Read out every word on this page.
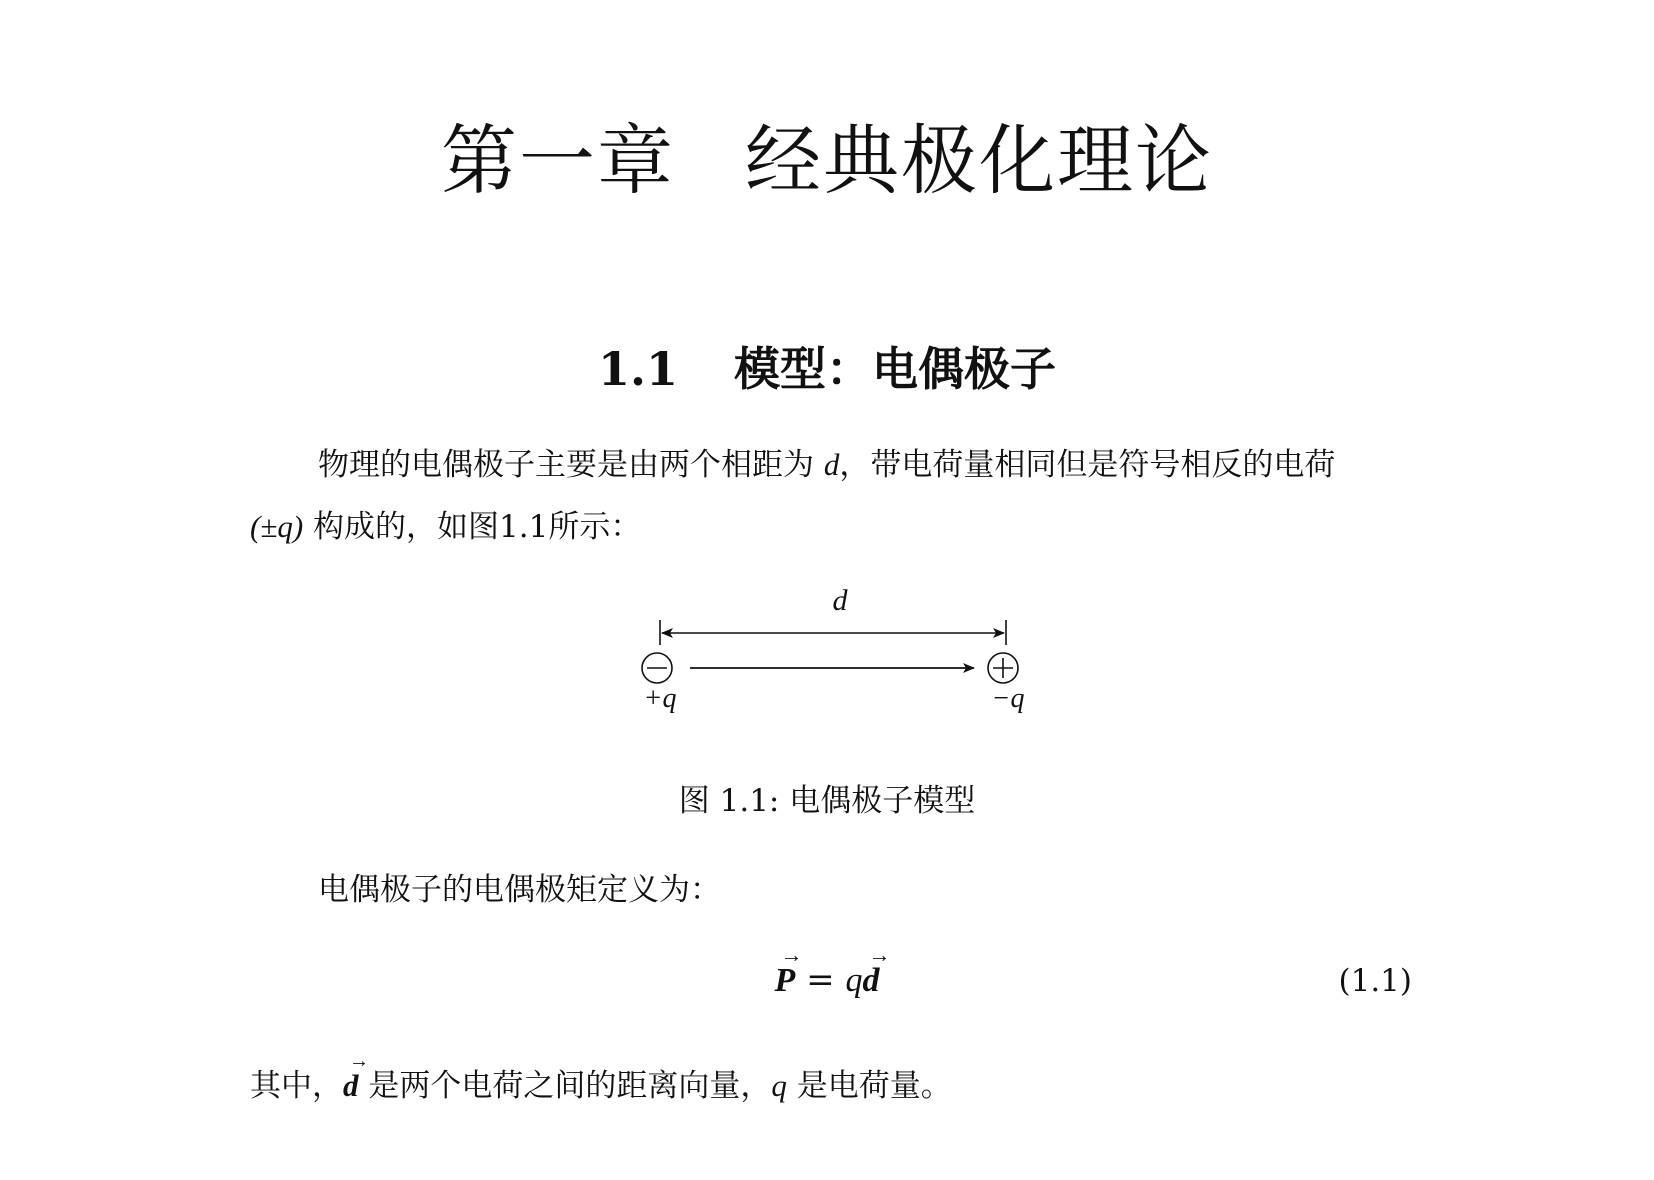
第一章 经典极化理论
1.1 模型：电偶极子
物理的电偶极子主要是由两个相距为 d，带电荷量相同但是符号相反的电荷
(±q) 构成的，如图1.1所示：
d
+q	−q
图 1.1: 电偶极子模型
电偶极子的电偶极矩定义为：
→
P = q
→
d	(1.1)
其中，
→
d 是两个电荷之间的距离向量，q 是电荷量。
